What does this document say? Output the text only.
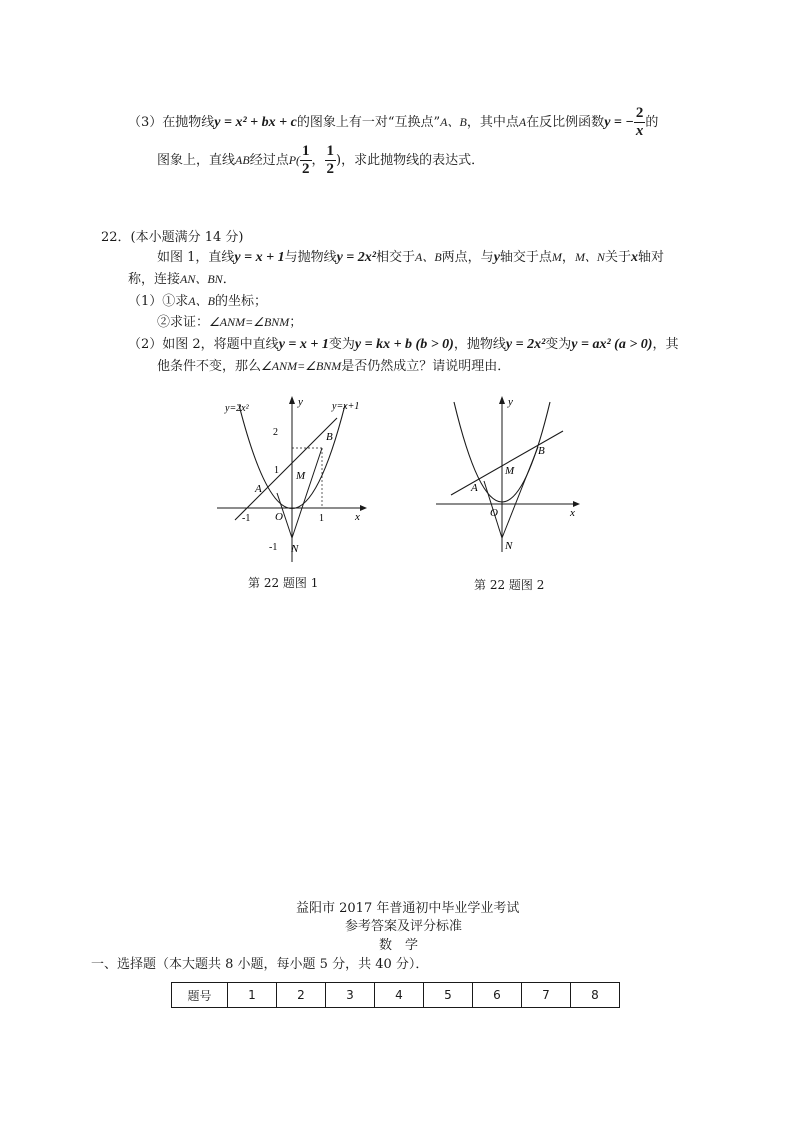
（3）在抛物线y = x² + bx + c的图象上有一对“互换点”A、B，其中点A在反比例函数y = − $\frac{2}{x}$ 的
图象上，直线AB经过点$P( \frac{1}{2}$ ， $\frac{1}{2}$ )，求此抛物线的表达式．
22．(本小题满分 14 分)
如图 1，直线y = x + 1与抛物线y = 2x²相交于A、B两点，与y轴交于点M，M、N关于x轴对
称，连接AN、BN．
（1）①求A、B的坐标；
②求证：∠ANM=∠BNM；
（2）如图 2，将题中直线y = x + 1变为y = kx + b (b > 0)，抛物线y = 2x²变为y = ax² (a > 0)，其
他条件不变，那么∠ANM=∠BNM是否仍然成立？请说明理由．
y=2x²	y=x+1
y
x
B
A
M
N
O
2
1
-1
-1	1
第 22 题图 1
y
x
B
A
M
N
O
第 22 题图 2
益阳市 2017 年普通初中毕业学业考试
参考答案及评分标准
数　学
一、选择题（本大题共 8 小题，每小题 5 分，共 40 分）．
题号	1	2	3	4	5	6	7	8
